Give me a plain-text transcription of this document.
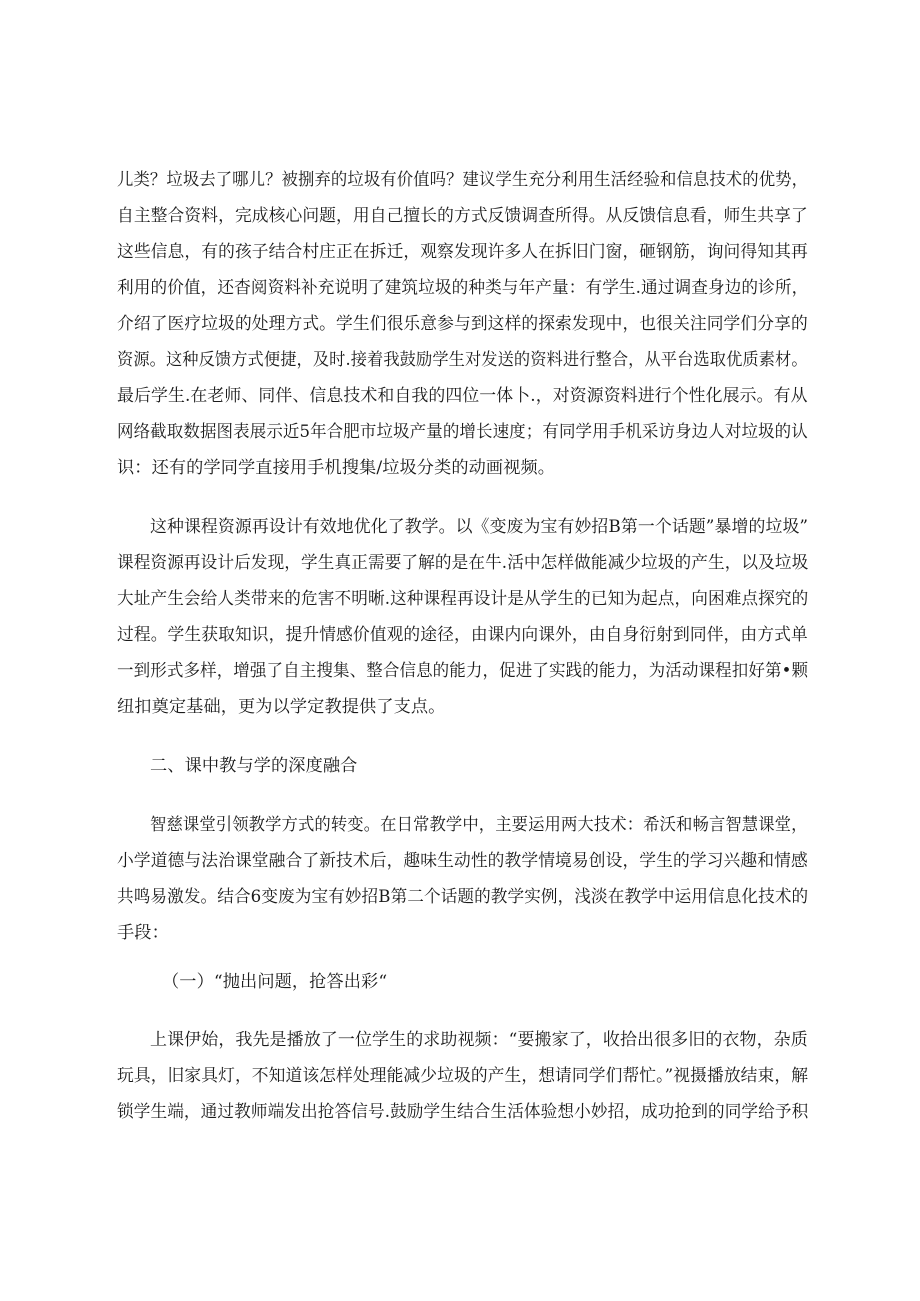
儿类？垃圾去了哪儿？被捌弃的垃圾有价值吗？建议学生充分利用生活经验和信息技术的优势，
自主整合资料，完成核心问题，用自己擅长的方式反馈调查所得。从反馈信息看，师生共享了
这些信息，有的孩子结合村庄正在拆迁，观察发现许多人在拆旧门窗，砸钢筋，询问得知其再
利用的价值，还杳阅资料补充说明了建筑垃圾的种类与年产量：有学生.通过调查身边的诊所，
介绍了医疗垃圾的处理方式。学生们很乐意参与到这样的探索发现中，也很关注同学们分享的
资源。这种反馈方式便捷，及时.接着我鼓励学生对发送的资料进行整合，从平台选取优质素材。
最后学生.在老师、同伴、信息技术和自我的四位一体卜.，对资源资料进行个性化展示。有从
网络截取数据图表展示近5年合肥市垃圾产量的增长速度；有同学用手机采访身边人对垃圾的认
识：还有的学同学直接用手机搜集/垃圾分类的动画视频。
这种课程资源再设计有效地优化了教学。以《变废为宝有妙招B第一个话题”暴增的垃圾”
课程资源再设计后发现，学生真正需要了解的是在牛.活中怎样做能减少垃圾的产生，以及垃圾
大址产生会给人类带来的危害不明晰.这种课程再设计是从学生的已知为起点，向困难点探究的
过程。学生获取知识，提升情感价值观的途径，由课内向课外，由自身衍射到同伴，由方式单
一到形式多样，增强了自主搜集、整合信息的能力，促进了实践的能力，为活动课程扣好第•颗
纽扣奠定基础，更为以学定教提供了支点。
二、课中教与学的深度融合
智慈课堂引领教学方式的转变。在日常教学中，主要运用两大技术：希沃和畅言智慧课堂，
小学道德与法治课堂融合了新技术后，趣味生动性的教学情境易创设，学生的学习兴趣和情感
共鸣易激发。结合6变废为宝有妙招B第二个话题的教学实例，浅淡在教学中运用信息化技术的
手段：
（一）“抛出问题，抢答出彩“
上课伊始，我先是播放了一位学生的求助视频：“要搬家了，收拾出很多旧的衣物，杂质
玩具，旧家具灯，不知道该怎样处理能减少垃圾的产生，想请同学们帮忙。”视摄播放结束，解
锁学生端，通过教师端发出抢答信号.鼓励学生结合生活体验想小妙招，成功抢到的同学给予积
